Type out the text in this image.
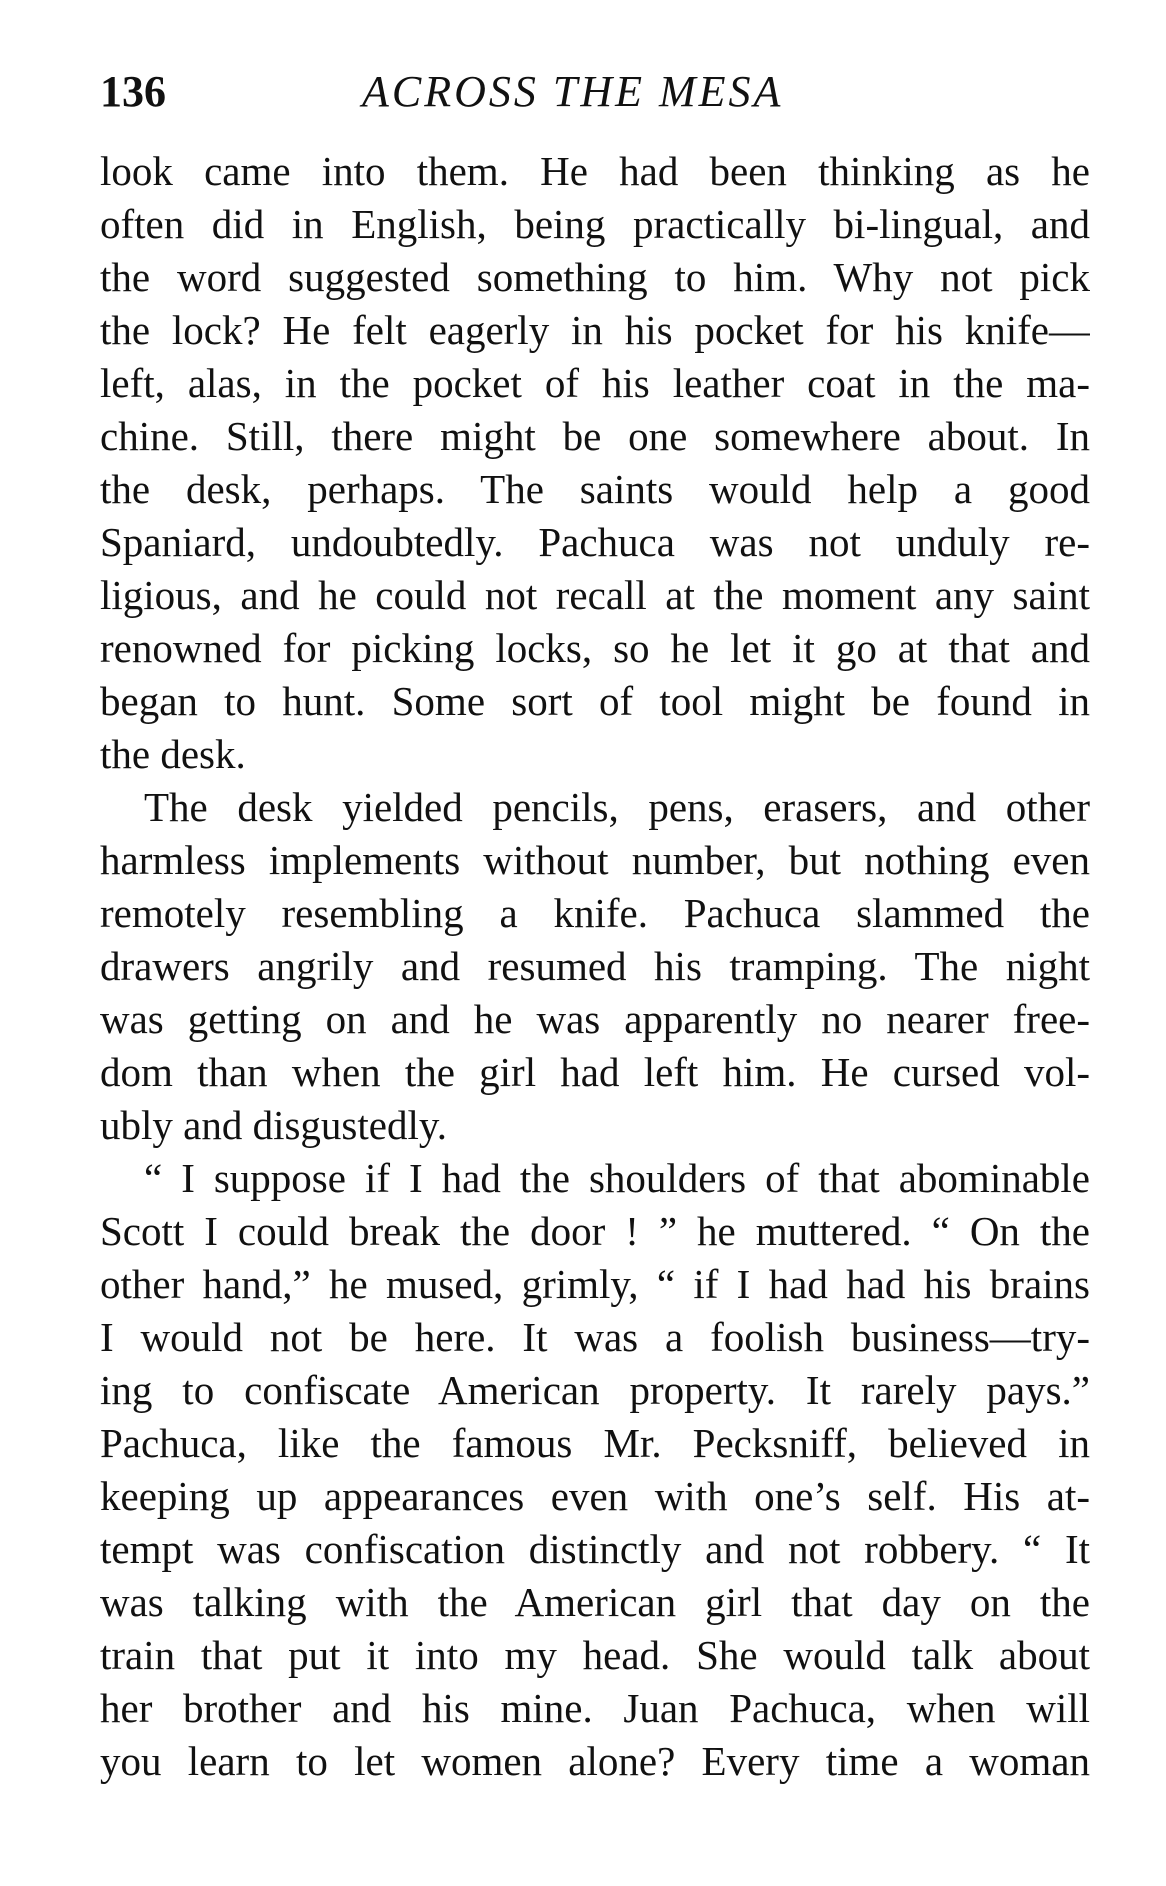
136	ACROSS THE MESA
look came into them. He had been thinking as he
often did in English, being practically bi-lingual, and
the word suggested something to him. Why not pick
the lock? He felt eagerly in his pocket for his knife—
left, alas, in the pocket of his leather coat in the ma-
chine. Still, there might be one somewhere about. In
the desk, perhaps. The saints would help a good
Spaniard, undoubtedly. Pachuca was not unduly re-
ligious, and he could not recall at the moment any saint
renowned for picking locks, so he let it go at that and
began to hunt. Some sort of tool might be found in
the desk.
The desk yielded pencils, pens, erasers, and other
harmless implements without number, but nothing even
remotely resembling a knife. Pachuca slammed the
drawers angrily and resumed his tramping. The night
was getting on and he was apparently no nearer free-
dom than when the girl had left him. He cursed vol-
ubly and disgustedly.
“ I suppose if I had the shoulders of that abominable
Scott I could break the door ! ” he muttered. “ On the
other hand,” he mused, grimly, “ if I had had his brains
I would not be here. It was a foolish business—try-
ing to confiscate American property. It rarely pays.”
Pachuca, like the famous Mr. Pecksniff, believed in
keeping up appearances even with one’s self. His at-
tempt was confiscation distinctly and not robbery. “ It
was talking with the American girl that day on the
train that put it into my head. She would talk about
her brother and his mine. Juan Pachuca, when will
you learn to let women alone? Every time a woman
